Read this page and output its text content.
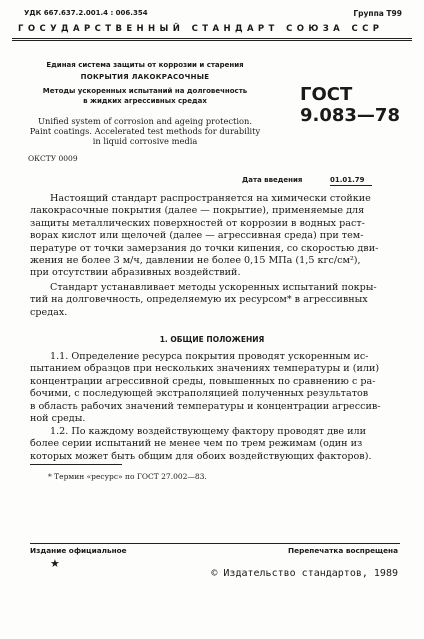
УДК 667.637.2.001.4 : 006.354	Группа Т99

ГОСУДАРСТВЕННЫЙ СТАНДАРТ СОЮЗА ССР

Единая система защиты от коррозии и старения

ПОКРЫТИЯ ЛАКОКРАСОЧНЫЕ

Методы ускоренных испытаний на долговечность

в жидких агрессивных средах	ГОСТ
9.083—78

Unified system of corrosion and ageing protection.

Paint coatings. Accelerated test methods for durability

in liquid corrosive media

ОКСТУ 0009

Дата введения	01.01.79

Настоящий стандарт распространяется на химически стойкие
лакокрасочные покрытия (далее — покрытие), применяемые для
защиты металлических поверхностей от коррозии в водных раст-
ворах кислот или щелочей (далее — агрессивная среда) при тем-
пературе от точки замерзания до точки кипения, со скоростью дви-
жения не более 3 м/ч, давлении не более 0,15 МПа (1,5 кгс/см²),
при отсутствии абразивных воздействий.
Стандарт устанавливает методы ускоренных испытаний покры-
тий на долговечность, определяемую их ресурсом* в агрессивных
средах.

1. ОБЩИЕ ПОЛОЖЕНИЯ

1.1. Определение ресурса покрытия проводят ускоренным ис-
пытанием образцов при нескольких значениях температуры и (или)
концентрации агрессивной среды, повышенных по сравнению с ра-
бочими, с последующей экстраполяцией полученных результатов
в область рабочих значений температуры и концентрации агрессив-
ной среды.
1.2. По каждому воздействующему фактору проводят две или
более серии испытаний не менее чем по трем режимам (один из
которых может быть общим для обоих воздействующих факторов).

* Термин «ресурс» по ГОСТ 27.002—83.

Издание официальное	Перепечатка воспрещена

★

© Издательство стандартов, 1989
